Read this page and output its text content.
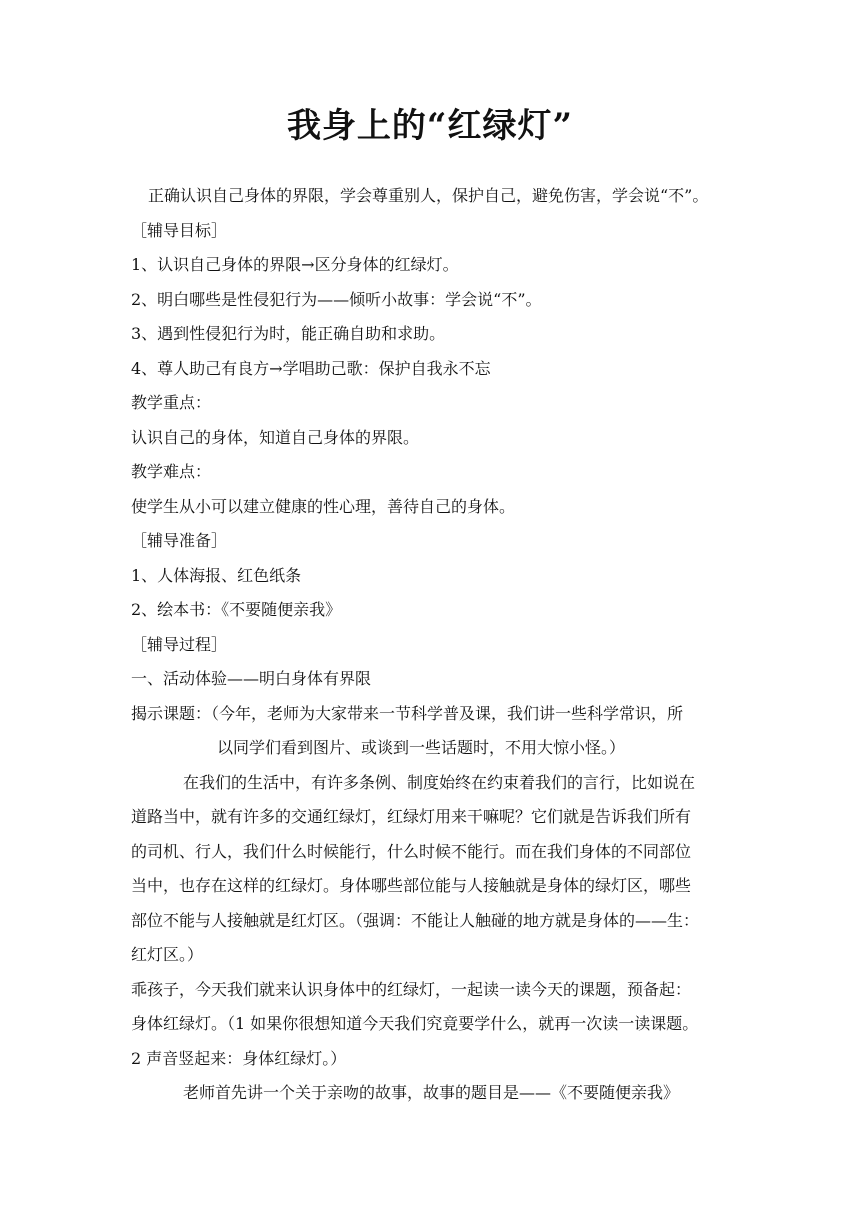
我身上的“红绿灯”

正确认识自己身体的界限，学会尊重别人，保护自己，避免伤害，学会说“不”。

［辅导目标］

1、认识自己身体的界限→区分身体的红绿灯。

2、明白哪些是性侵犯行为——倾听小故事：学会说“不”。

3、遇到性侵犯行为时，能正确自助和求助。

4、尊人助己有良方→学唱助己歌：保护自我永不忘

教学重点：

认识自己的身体，知道自己身体的界限。

教学难点：

使学生从小可以建立健康的性心理，善待自己的身体。

［辅导准备］

1、人体海报、红色纸条

2、绘本书：《不要随便亲我》

［辅导过程］

一、活动体验——明白身体有界限

揭示课题：（今年，老师为大家带来一节科学普及课，我们讲一些科学常识，所

以同学们看到图片、或谈到一些话题时，不用大惊小怪。）

在我们的生活中，有许多条例、制度始终在约束着我们的言行，比如说在

道路当中，就有许多的交通红绿灯，红绿灯用来干嘛呢？它们就是告诉我们所有

的司机、行人，我们什么时候能行，什么时候不能行。而在我们身体的不同部位

当中，也存在这样的红绿灯。身体哪些部位能与人接触就是身体的绿灯区，哪些

部位不能与人接触就是红灯区。（强调：不能让人触碰的地方就是身体的——生：

红灯区。）

乖孩子，今天我们就来认识身体中的红绿灯，一起读一读今天的课题，预备起：

身体红绿灯。（1 如果你很想知道今天我们究竟要学什么，就再一次读一读课题。

2 声音竖起来：身体红绿灯。）

老师首先讲一个关于亲吻的故事，故事的题目是——《不要随便亲我》
